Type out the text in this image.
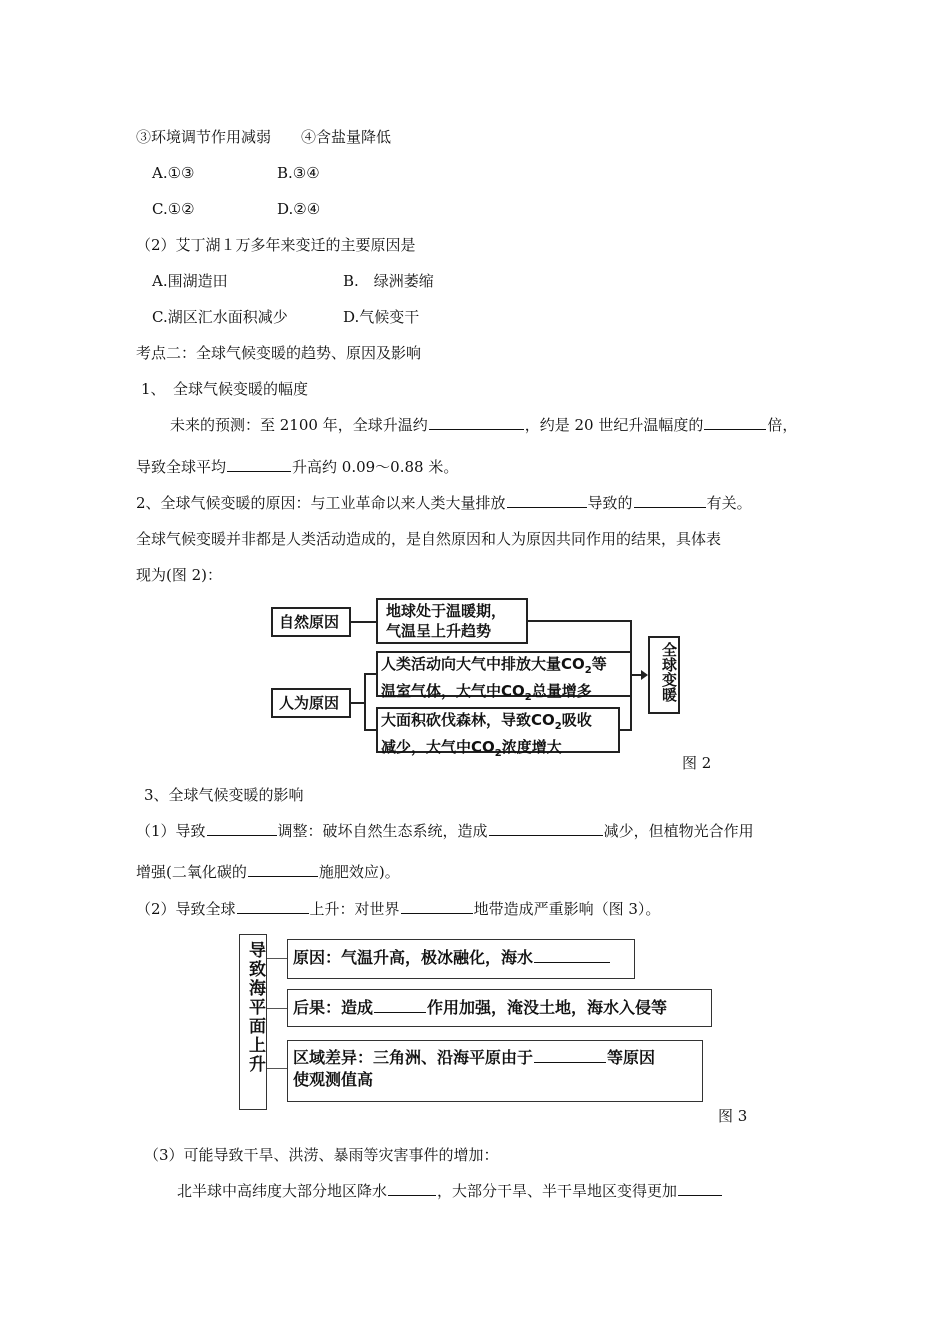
③环境调节作用减弱　　④含盐量降低
A.①③	B.③④
C.①②	D.②④
（2）艾丁湖１万多年来变迁的主要原因是
A.围湖造田	B.　绿洲萎缩
C.湖区汇水面积减少	D.气候变干
考点二：全球气候变暖的趋势、原因及影响
1、　全球气候变暖的幅度
未来的预测：至 2100 年，全球升温约	，约是 20 世纪升温幅度的	倍，
导致全球平均	升高约 0.09～0.88 米。
2、全球气候变暖的原因：与工业革命以来人类大量排放	导致的	有关。
全球气候变暖并非都是人类活动造成的，是自然原因和人为原因共同作用的结果，具体表
现为(图 2)：
自然原因
人为原因
地球处于温暖期，
气温呈上升趋势
人类活动向大气中排放大量$CO_2$等
温室气体，大气中$CO_2$总量增多
大面积砍伐森林，导致$CO_2$吸收
减少，大气中$CO_2$浓度增大
全球变暖
图 2
3、全球气候变暖的影响
（1）导致	调整：破坏自然生态系统，造成	减少，但植物光合作用
增强(二氧化碳的	施肥效应)。
（2）导致全球	上升：对世界	地带造成严重影响（图 3）。
导致海平面上升	原因：气温升高，极冰融化，海水
后果：造成	作用加强，淹没土地，海水入侵等
区域差异：三角洲、沿海平原由于	等原因
使观测值高
图 3
（3）可能导致干旱、洪涝、暴雨等灾害事件的增加：
北半球中高纬度大部分地区降水	，大部分干旱、半干旱地区变得更加
